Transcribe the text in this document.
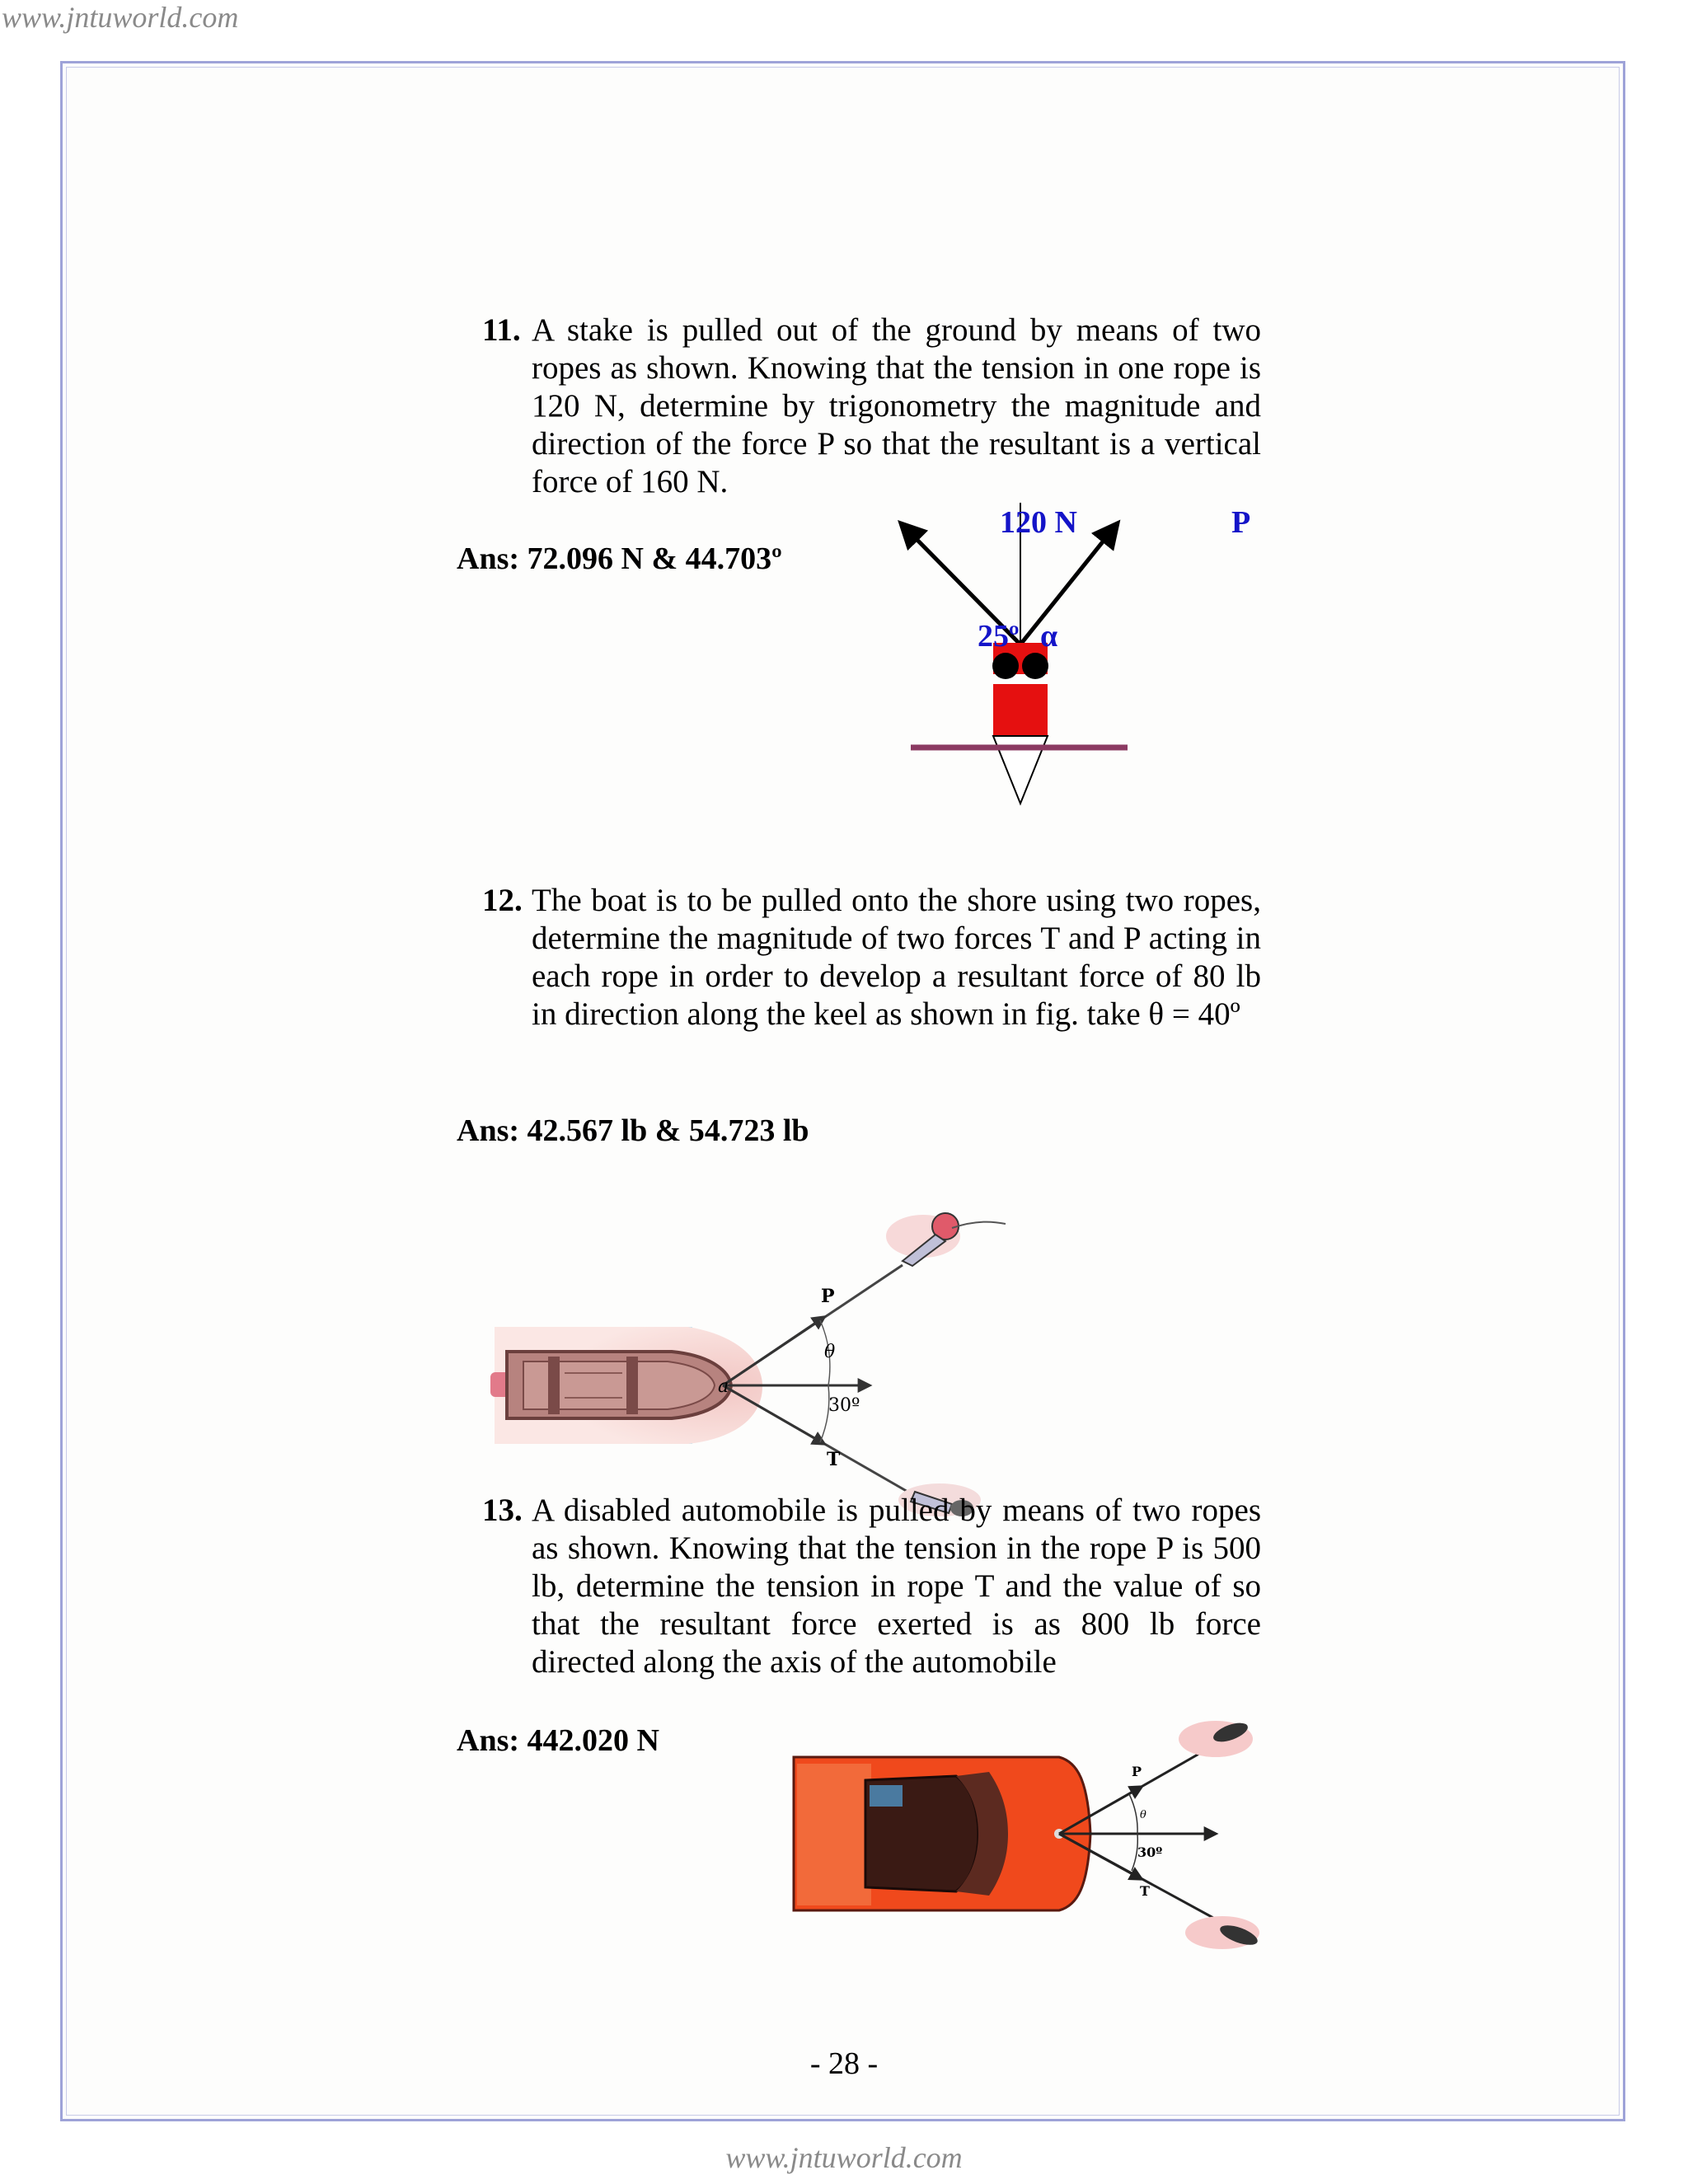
www.jntuworld.com
11. A stake is pulled out of the ground by means of two ropes as shown. Knowing that the tension in one rope is 120 N, determine by trigonometry the magnitude and direction of the force P so that the resultant is a vertical force of 160 N.
Ans: 72.096 N & 44.703º
120 N	P
25º α
12. The boat is to be pulled onto the shore using two ropes, determine the magnitude of two forces T and P acting in each rope in order to develop a resultant force of 80 lb in direction along the keel as shown in fig. take θ = 40º
Ans: 42.567 lb & 54.723 lb
P
θ
30º
T
a
13. A disabled automobile is pulled by means of two ropes as shown. Knowing that the tension in the rope P is 500 lb, determine the tension in rope T and the value of so that the resultant force exerted is as 800 lb force directed along the axis of the automobile
Ans: 442.020 N
P
θ
30º
T
- 28 -
www.jntuworld.com
